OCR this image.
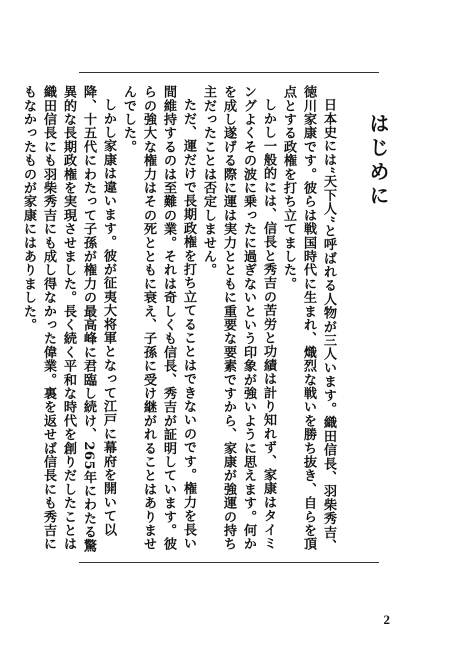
はじめに

日本史には“天下人”と呼ばれる人物が三人います。織田信長、羽柴秀吉、徳川家康です。彼らは戦国時代に生まれ、熾烈な戦いを勝ち抜き、自らを頂点とする政権を打ち立てました。

しかし一般的には、信長と秀吉の苦労と功績は計り知れず、家康はタイミングよくその波に乗ったに過ぎないという印象が強いように思えます。何かを成し遂げる際に運は実力とともに重要な要素ですから、家康が強運の持ち主だったことは否定しません。

ただ、運だけで長期政権を打ち立てることはできないのです。権力を長い間維持するのは至難の業。それは奇しくも信長、秀吉が証明しています。彼らの強大な権力はその死とともに衰え、子孫に受け継がれることはありませんでした。

しかし家康は違います。彼が征夷大将軍となって江戸に幕府を開いて以降、十五代にわたって子孫が権力の最高峰に君臨し続け、265年にわたる驚異的な長期政権を実現させました。長く続く平和な時代を創りだしたことは織田信長にも羽柴秀吉にも成し得なかった偉業。裏を返せば信長にも秀吉にもなかったものが家康にはありました。

2
